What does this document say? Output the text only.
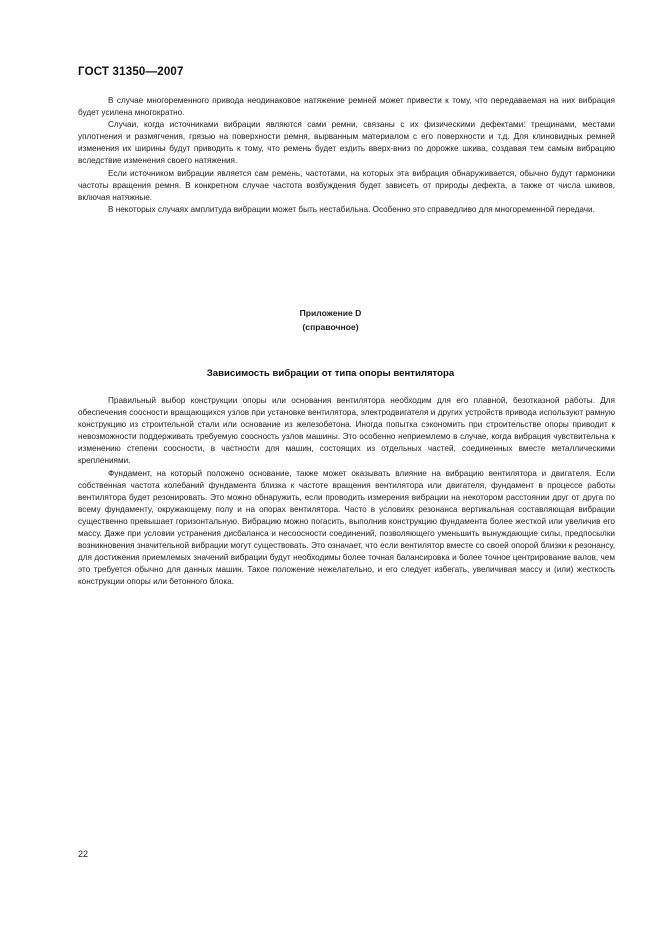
ГОСТ 31350—2007

В случае многоременного привода неодинаковое натяжение ремней может привести к тому, что передаваемая на них вибрация будет усилена многократно.

Случаи, когда источниками вибрации являются сами ремни, связаны с их физическими дефектами: трещинами, местами уплотнения и размягчения, грязью на поверхности ремня, вырванным материалом с его поверхности и т.д. Для клиновидных ремней изменения их ширины будут приводить к тому, что ремень будет ездить вверх-вниз по дорожке шкива, создавая тем самым вибрацию вследствие изменения своего натяжения.

Если источником вибрации является сам ремень, частотами, на которых эта вибрация обнаруживается, обычно будут гармоники частоты вращения ремня. В конкретном случае частота возбуждения будет зависеть от природы дефекта, а также от числа шкивов, включая натяжные.

В некоторых случаях амплитуда вибрации может быть нестабильна. Особенно это справедливо для многоременной передачи.

Приложение D
(справочное)
Зависимость вибрации от типа опоры вентилятора

Правильный выбор конструкции опоры или основания вентилятора необходим для его плавной, безотказной работы. Для обеспечения соосности вращающихся узлов при установке вентилятора, электродвигателя и других устройств привода используют рамную конструкцию из строительной стали или основание из железобетона. Иногда попытка сэкономить при строительстве опоры приводит к невозможности поддерживать требуемую соосность узлов машины. Это особенно неприемлемо в случае, когда вибрация чувствительна к изменению степени соосности, в частности для машин, состоящих из отдельных частей, соединенных вместе металлическими креплениями.

Фундамент, на который положено основание, также может оказывать влияние на вибрацию вентилятора и двигателя. Если собственная частота колебаний фундамента близка к частоте вращения вентилятора или двигателя, фундамент в процессе работы вентилятора будет резонировать. Это можно обнаружить, если проводить измерения вибрации на некотором расстоянии друг от друга по всему фундаменту, окружающему полу и на опорах вентилятора. Часто в условиях резонанса вертикальная составляющая вибрации существенно превышает горизонтальную. Вибрацию можно погасить, выполнив конструкцию фундамента более жесткой или увеличив его массу. Даже при условии устранения дисбаланса и несоосности соединений, позволяющего уменьшить вынуждающие силы, предпосылки возникновения значительной вибрации могут существовать. Это означает, что если вентилятор вместе со своей опорой близки к резонансу, для достижения приемлемых значений вибрации будут необходимы более точная балансировка и более точное центрирование валов, чем это требуется обычно для данных машин. Такое положение нежелательно, и его следует избегать, увеличивая массу и (или) жесткость конструкции опоры или бетонного блока.

22
